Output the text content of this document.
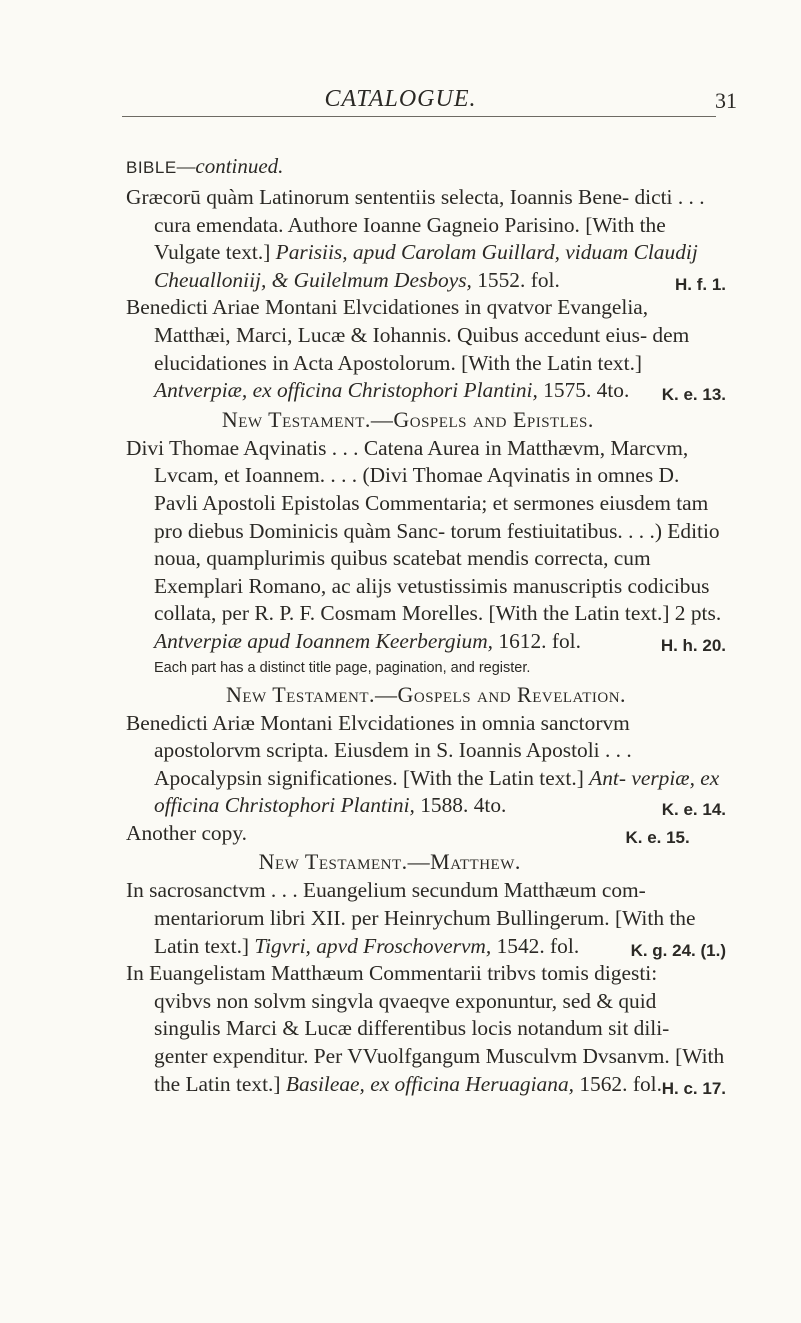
CATALOGUE.	31

BIBLE—continued.

Græcorū quàm Latinorum sententiis selecta, Ioannis Bene- dicti . . . cura emendata. Authore Ioanne Gagneio Parisino. [With the Vulgate text.] Parisiis, apud Carolam Guillard, viduam Claudij Cheualloniij, & Guilelmum Desboys, 1552. fol.	H. f. 1.

Benedicti Ariae Montani Elvcidationes in qvatvor Evangelia, Matthæi, Marci, Lucæ & Iohannis. Quibus accedunt eius- dem elucidationes in Acta Apostolorum. [With the Latin text.] Antverpiæ, ex officina Christophori Plantini, 1575. 4to. K. e. 13.

New Testament.—Gospels and Epistles.

Divi Thomae Aqvinatis . . . Catena Aurea in Matthævm, Marcvm, Lvcam, et Ioannem. . . . (Divi Thomae Aqvinatis in omnes D. Pavli Apostoli Epistolas Commentaria; et sermones eiusdem tam pro diebus Dominicis quàm Sanc- torum festiuitatibus. . . .) Editio noua, quamplurimis quibus scatebat mendis correcta, cum Exemplari Romano, ac alijs vetustissimis manuscriptis codicibus collata, per R. P. F. Cosmam Morelles. [With the Latin text.] 2 pts. Antverpiæ apud Ioannem Keerbergium, 1612. fol.	H. h. 20.

Each part has a distinct title page, pagination, and register.

New Testament.—Gospels and Revelation.

Benedicti Ariæ Montani Elvcidationes in omnia sanctorvm apostolorvm scripta. Eiusdem in S. Ioannis Apostoli . . . Apocalypsin significationes. [With the Latin text.] Ant- verpiæ, ex officina Christophori Plantini, 1588. 4to.	K. e. 14.

Another copy.	K. e. 15.

New Testament.—Matthew.

In sacrosanctvm . . . Euangelium secundum Matthæum com- mentariorum libri XII. per Heinrychum Bullingerum. [With the Latin text.] Tigvri, apvd Froschovervm, 1542. fol.	K. g. 24. (1.)

In Euangelistam Matthæum Commentarii tribvs tomis digesti: qvibvs non solvm singvla qvaeqve exponuntur, sed & quid singulis Marci & Lucæ differentibus locis notandum sit dili- genter expenditur. Per VVuolfgangum Musculvm Dvsanvm. [With the Latin text.] Basileae, ex officina Heruagiana, 1562. fol. H. c. 17.
